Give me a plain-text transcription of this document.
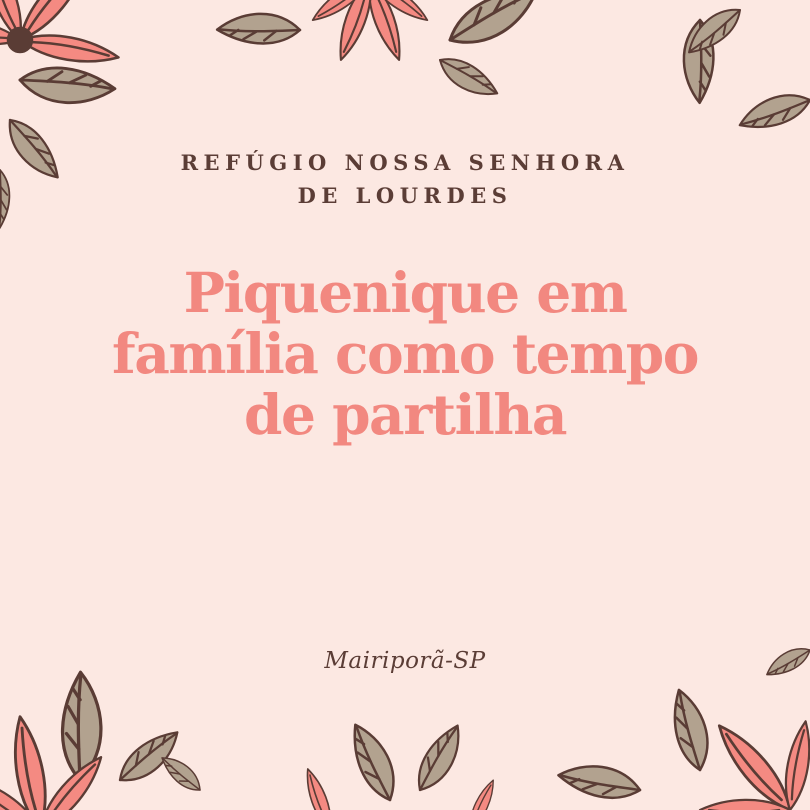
REFÚGIO NOSSA SENHORA
DE LOURDES
Piquenique em
família como tempo
de partilha
Mairiporã-SP
